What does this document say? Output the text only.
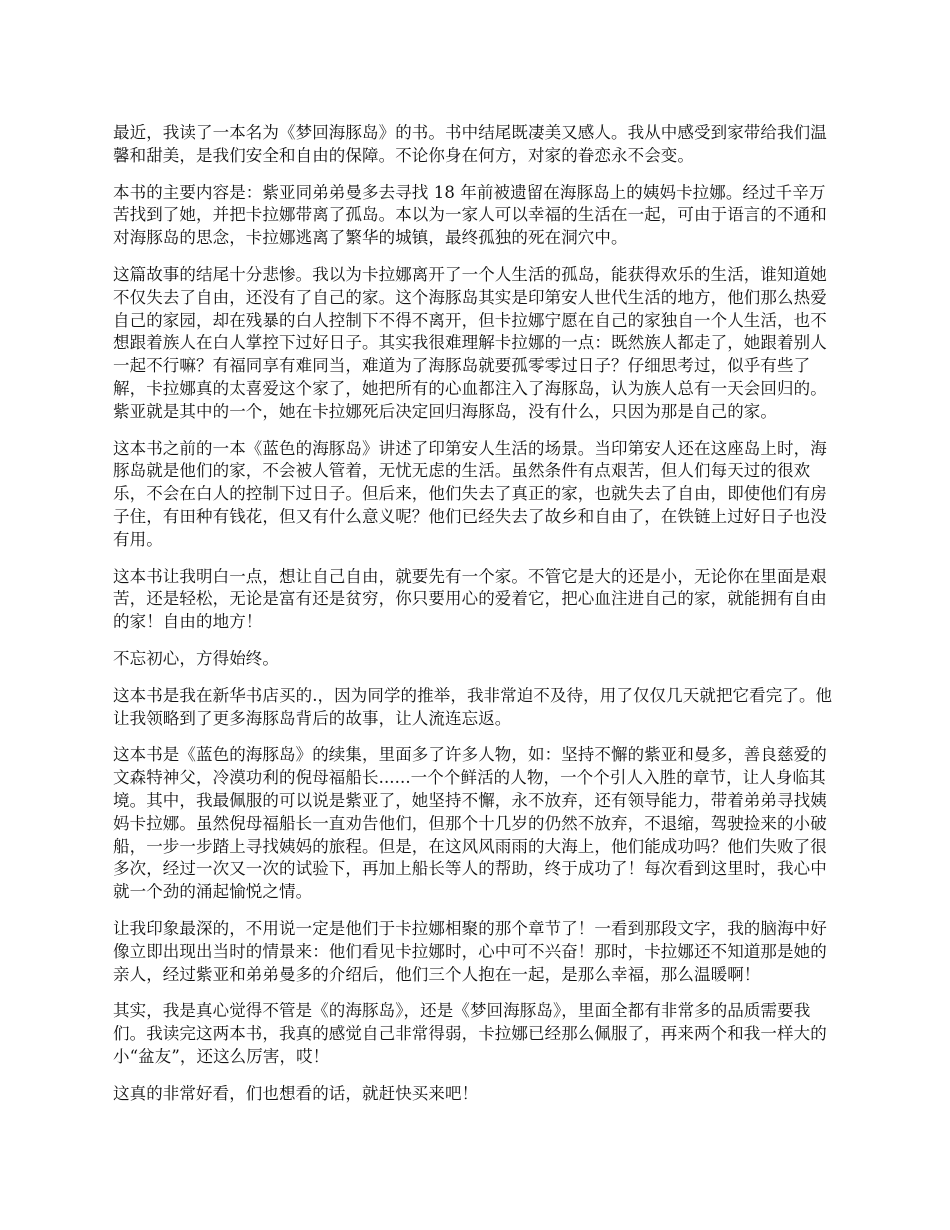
最近，我读了一本名为《梦回海豚岛》的书。书中结尾既凄美又感人。我从中感受到家带给我们温馨和甜美，是我们安全和自由的保障。不论你身在何方，对家的眷恋永不会变。

本书的主要内容是：紫亚同弟弟曼多去寻找 18 年前被遗留在海豚岛上的姨妈卡拉娜。经过千辛万苦找到了她，并把卡拉娜带离了孤岛。本以为一家人可以幸福的生活在一起，可由于语言的不通和对海豚岛的思念，卡拉娜逃离了繁华的城镇，最终孤独的死在洞穴中。

这篇故事的结尾十分悲惨。我以为卡拉娜离开了一个人生活的孤岛，能获得欢乐的生活，谁知道她不仅失去了自由，还没有了自己的家。这个海豚岛其实是印第安人世代生活的地方，他们那么热爱自己的家园，却在残暴的白人控制下不得不离开，但卡拉娜宁愿在自己的家独自一个人生活，也不想跟着族人在白人掌控下过好日子。其实我很难理解卡拉娜的一点：既然族人都走了，她跟着别人一起不行嘛？有福同享有难同当，难道为了海豚岛就要孤零零过日子？仔细思考过，似乎有些了解，卡拉娜真的太喜爱这个家了，她把所有的心血都注入了海豚岛，认为族人总有一天会回归的。紫亚就是其中的一个，她在卡拉娜死后决定回归海豚岛，没有什么，只因为那是自己的家。

这本书之前的一本《蓝色的海豚岛》讲述了印第安人生活的场景。当印第安人还在这座岛上时，海豚岛就是他们的家，不会被人管着，无忧无虑的生活。虽然条件有点艰苦，但人们每天过的很欢乐，不会在白人的控制下过日子。但后来，他们失去了真正的家，也就失去了自由，即使他们有房子住，有田种有钱花，但又有什么意义呢？他们已经失去了故乡和自由了，在铁链上过好日子也没有用。

这本书让我明白一点，想让自己自由，就要先有一个家。不管它是大的还是小，无论你在里面是艰苦，还是轻松，无论是富有还是贫穷，你只要用心的爱着它，把心血注进自己的家，就能拥有自由的家！自由的地方！

不忘初心，方得始终。

这本书是我在新华书店买的.，因为同学的推举，我非常迫不及待，用了仅仅几天就把它看完了。他让我领略到了更多海豚岛背后的故事，让人流连忘返。

这本书是《蓝色的海豚岛》的续集，里面多了许多人物，如：坚持不懈的紫亚和曼多，善良慈爱的文森特神父，冷漠功利的倪母福船长......一个个鲜活的人物，一个个引人入胜的章节，让人身临其境。其中，我最佩服的可以说是紫亚了，她坚持不懈，永不放弃，还有领导能力，带着弟弟寻找姨妈卡拉娜。虽然倪母福船长一直劝告他们，但那个十几岁的仍然不放弃，不退缩，驾驶捡来的小破船，一步一步踏上寻找姨妈的旅程。但是，在这风风雨雨的大海上，他们能成功吗？他们失败了很多次，经过一次又一次的试验下，再加上船长等人的帮助，终于成功了！每次看到这里时，我心中就一个劲的涌起愉悦之情。

让我印象最深的，不用说一定是他们于卡拉娜相聚的那个章节了！一看到那段文字，我的脑海中好像立即出现出当时的情景来：他们看见卡拉娜时，心中可不兴奋！那时，卡拉娜还不知道那是她的亲人，经过紫亚和弟弟曼多的介绍后，他们三个人抱在一起，是那么幸福，那么温暖啊！

其实，我是真心觉得不管是《的海豚岛》，还是《梦回海豚岛》，里面全都有非常多的品质需要我们。我读完这两本书，我真的感觉自己非常得弱，卡拉娜已经那么佩服了，再来两个和我一样大的小“盆友”，还这么厉害，哎！

这真的非常好看，们也想看的话，就赶快买来吧！
